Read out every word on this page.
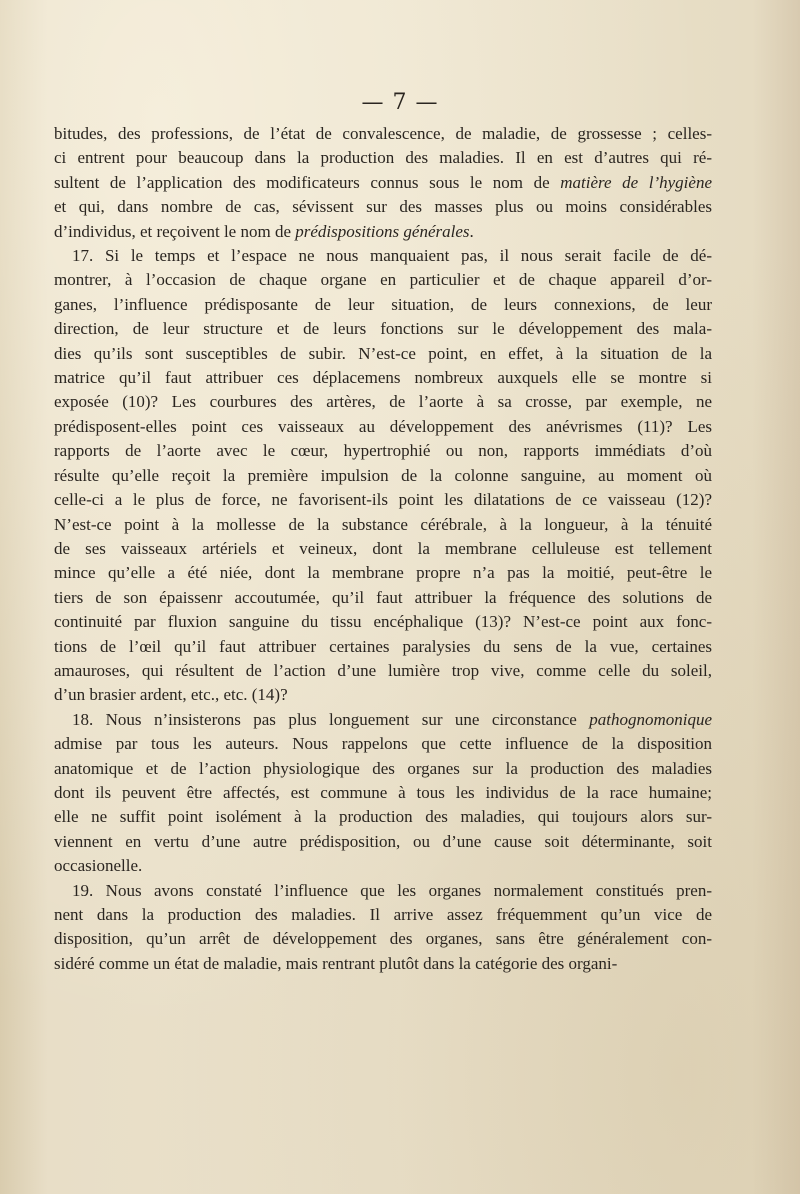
— 7 —
bitudes, des professions, de l’état de convalescence, de maladie, de grossesse ; celles-
ci entrent pour beaucoup dans la production des maladies. Il en est d’autres qui ré-
sultent de l’application des modificateurs connus sous le nom de matière de l’hygiène
et qui, dans nombre de cas, sévissent sur des masses plus ou moins considérables
d’individus, et reçoivent le nom de prédispositions générales.
17. Si le temps et l’espace ne nous manquaient pas, il nous serait facile de dé-
montrer, à l’occasion de chaque organe en particulier et de chaque appareil d’or-
ganes, l’influence prédisposante de leur situation, de leurs connexions, de leur
direction, de leur structure et de leurs fonctions sur le développement des mala-
dies qu’ils sont susceptibles de subir. N’est-ce point, en effet, à la situation de la
matrice qu’il faut attribuer ces déplacemens nombreux auxquels elle se montre si
exposée (10)? Les courbures des artères, de l’aorte à sa crosse, par exemple, ne
prédisposent-elles point ces vaisseaux au développement des anévrismes (11)? Les
rapports de l’aorte avec le cœur, hypertrophié ou non, rapports immédiats d’où
résulte qu’elle reçoit la première impulsion de la colonne sanguine, au moment où
celle-ci a le plus de force, ne favorisent-ils point les dilatations de ce vaisseau (12)?
N’est-ce point à la mollesse de la substance cérébrale, à la longueur, à la ténuité
de ses vaisseaux artériels et veineux, dont la membrane celluleuse est tellement
mince qu’elle a été niée, dont la membrane propre n’a pas la moitié, peut-être le
tiers de son épaissenr accoutumée, qu’il faut attribuer la fréquence des solutions de
continuité par fluxion sanguine du tissu encéphalique (13)? N’est-ce point aux fonc-
tions de l’œil qu’il faut attribuer certaines paralysies du sens de la vue, certaines
amauroses, qui résultent de l’action d’une lumière trop vive, comme celle du soleil,
d’un brasier ardent, etc., etc. (14)?
18. Nous n’insisterons pas plus longuement sur une circonstance pathognomonique
admise par tous les auteurs. Nous rappelons que cette influence de la disposition
anatomique et de l’action physiologique des organes sur la production des maladies
dont ils peuvent être affectés, est commune à tous les individus de la race humaine;
elle ne suffit point isolément à la production des maladies, qui toujours alors sur-
viennent en vertu d’une autre prédisposition, ou d’une cause soit déterminante, soit
occasionelle.
19. Nous avons constaté l’influence que les organes normalement constitués pren-
nent dans la production des maladies. Il arrive assez fréquemment qu’un vice de
disposition, qu’un arrêt de développement des organes, sans être généralement con-
sidéré comme un état de maladie, mais rentrant plutôt dans la catégorie des organi-
